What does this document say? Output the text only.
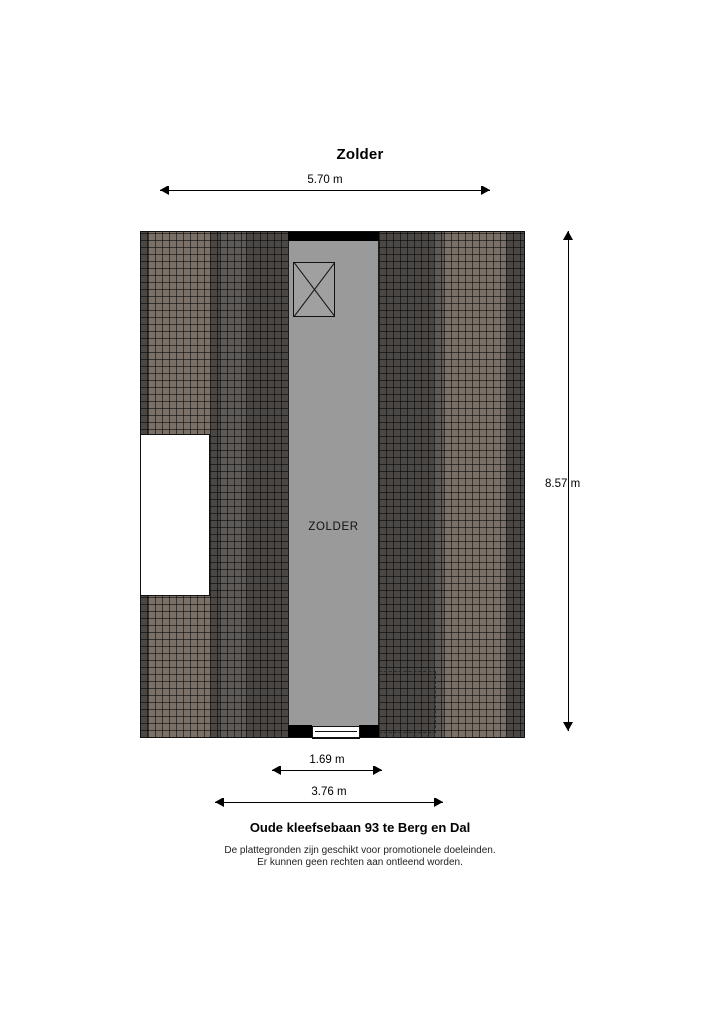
Zolder
5.70 m
8.57 m
ZOLDER
1.69 m
3.76 m
Oude kleefsebaan 93 te Berg en Dal
De plattegronden zijn geschikt voor promotionele doeleinden.
Er kunnen geen rechten aan ontleend worden.
